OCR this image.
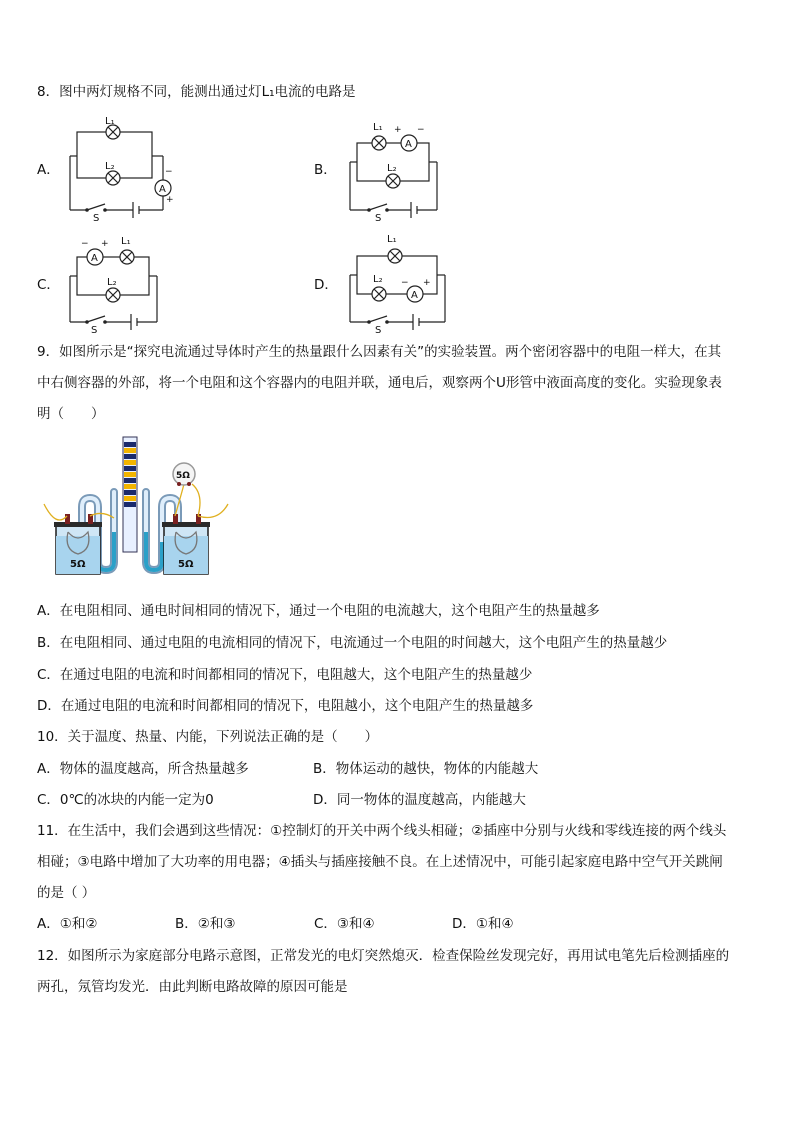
8．图中两灯规格不同，能测出通过灯L₁电流的电路是
A．
L₁
L₂
A
−
+
S
B．
L₁ + −
A
L₂
S
C．
− +
A
L₁
L₂
S
D．
L₁
L₂ − +
A
S
9．如图所示是“探究电流通过导体时产生的热量跟什么因素有关”的实验装置。两个密闭容器中的电阻一样大，在其
中右侧容器的外部，将一个电阻和这个容器内的电阻并联，通电后，观察两个U形管中液面高度的变化。实验现象表
明（　　）
5Ω
5Ω	5Ω
A．在电阻相同、通电时间相同的情况下，通过一个电阻的电流越大，这个电阻产生的热量越多
B．在电阻相同、通过电阻的电流相同的情况下，电流通过一个电阻的时间越大，这个电阻产生的热量越少
C．在通过电阻的电流和时间都相同的情况下，电阻越大，这个电阻产生的热量越少
D．在通过电阻的电流和时间都相同的情况下，电阻越小，这个电阻产生的热量越多
10．关于温度、热量、内能，下列说法正确的是（　　）
A．物体的温度越高，所含热量越多	B．物体运动的越快，物体的内能越大
C．0℃的冰块的内能一定为0	D．同一物体的温度越高，内能越大
11．在生活中，我们会遇到这些情况：①控制灯的开关中两个线头相碰；②插座中分别与火线和零线连接的两个线头
相碰；③电路中增加了大功率的用电器；④插头与插座接触不良。在上述情况中，可能引起家庭电路中空气开关跳闸
的是（ ）
A．①和②	B．②和③	C．③和④	D．①和④
12．如图所示为家庭部分电路示意图，正常发光的电灯突然熄灭．检查保险丝发现完好，再用试电笔先后检测插座的
两孔，氖管均发光．由此判断电路故障的原因可能是
